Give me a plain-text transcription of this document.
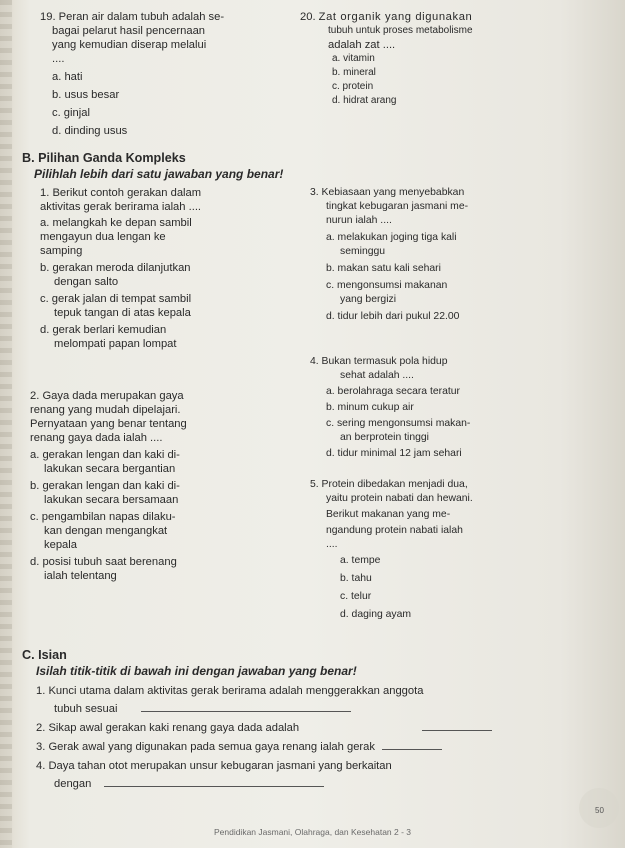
19. Peran air dalam tubuh adalah se-
bagai pelarut hasil pencernaan
yang kemudian diserap melalui
....
a. hati
b. usus besar
c. ginjal
d. dinding usus
20. Zat organik yang digunakan
tubuh untuk proses metabolisme
adalah zat ....
a. vitamin
b. mineral
c. protein
d. hidrat arang
B. Pilihan Ganda Kompleks
Pilihlah lebih dari satu jawaban yang benar!
1. Berikut contoh gerakan dalam
aktivitas gerak berirama ialah ....
a. melangkah ke depan sambil
mengayun dua lengan ke
samping
b. gerakan meroda dilanjutkan
dengan salto
c. gerak jalan di tempat sambil
tepuk tangan di atas kepala
d. gerak berlari kemudian
melompati papan lompat
2. Gaya dada merupakan gaya
renang yang mudah dipelajari.
Pernyataan yang benar tentang
renang gaya dada ialah ....
a. gerakan lengan dan kaki di-
lakukan secara bergantian
b. gerakan lengan dan kaki di-
lakukan secara bersamaan
c. pengambilan napas dilaku-
kan dengan mengangkat
kepala
d. posisi tubuh saat berenang
ialah telentang
3. Kebiasaan yang menyebabkan
tingkat kebugaran jasmani me-
nurun ialah ....
a. melakukan joging tiga kali
seminggu
b. makan satu kali sehari
c. mengonsumsi makanan
yang bergizi
d. tidur lebih dari pukul 22.00
4. Bukan termasuk pola hidup
sehat adalah ....
a. berolahraga secara teratur
b. minum cukup air
c. sering mengonsumsi makan-
an berprotein tinggi
d. tidur minimal 12 jam sehari
5. Protein dibedakan menjadi dua,
yaitu protein nabati dan hewani.
Berikut makanan yang me-
ngandung protein nabati ialah
....
a. tempe
b. tahu
c. telur
d. daging ayam
C. Isian
Isilah titik-titik di bawah ini dengan jawaban yang benar!
1. Kunci utama dalam aktivitas gerak berirama adalah menggerakkan anggota
tubuh sesuai
2. Sikap awal gerakan kaki renang gaya dada adalah
3. Gerak awal yang digunakan pada semua gaya renang ialah gerak
4. Daya tahan otot merupakan unsur kebugaran jasmani yang berkaitan
dengan
50
Pendidikan Jasmani, Olahraga, dan Kesehatan 2 - 3
